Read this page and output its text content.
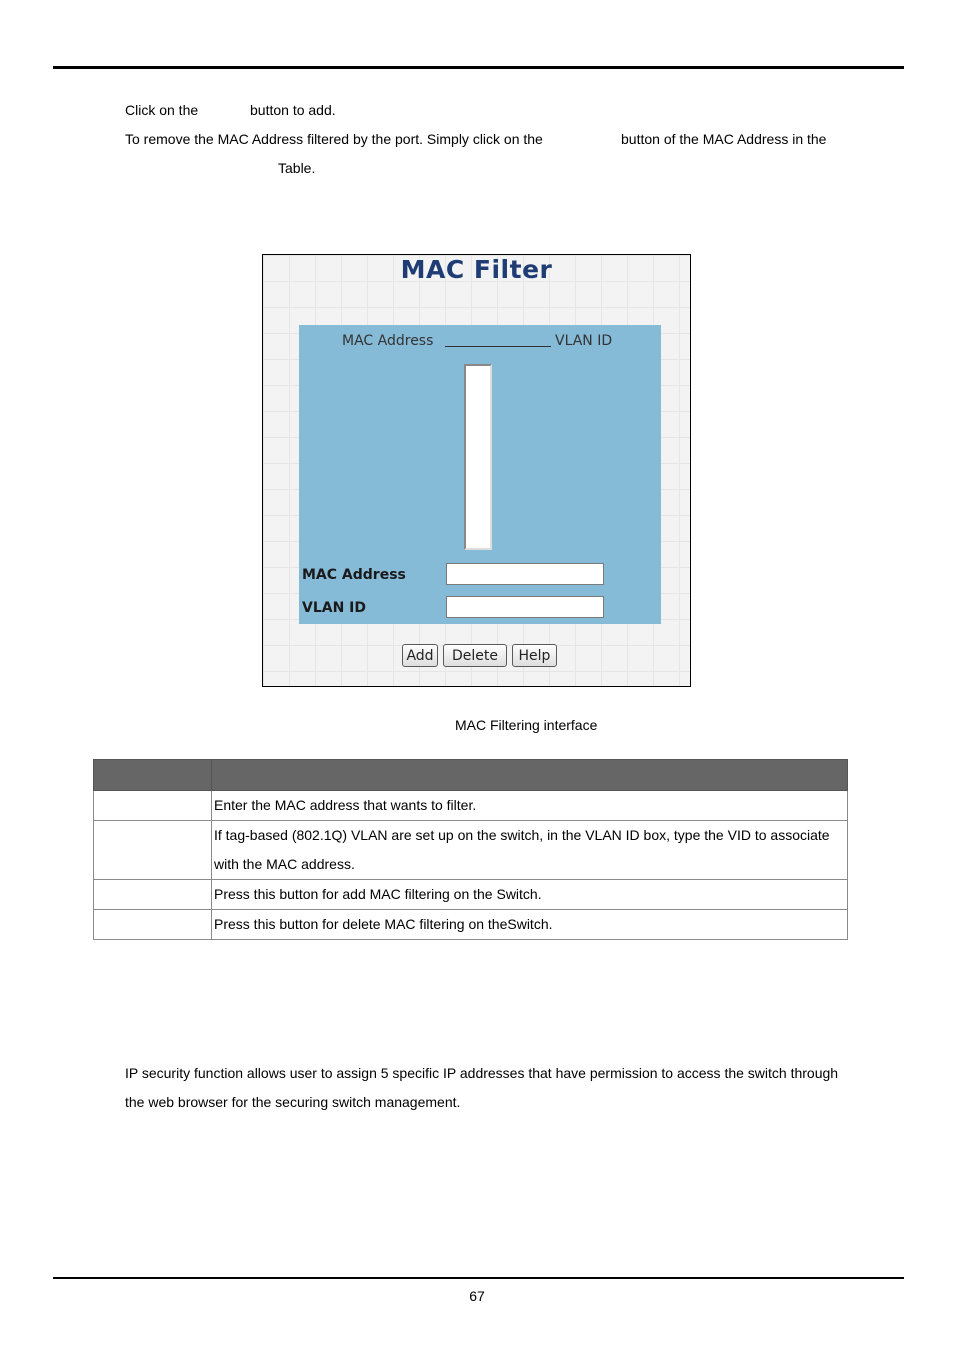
Click on the	button to add.
To remove the MAC Address filtered by the port. Simply click on the	button of the MAC Address in the
Table.
MAC Filter
MAC Address	VLAN ID
MAC Address
VLAN ID
Add	Delete	Help
MAC Filtering interface

	Enter the MAC address that wants to filter.

	If tag-based (802.1Q) VLAN are set up on the switch, in the VLAN ID box, type the VID to associate
with the MAC address.

	Press this button for add MAC filtering on the Switch.
	Press this button for delete MAC filtering on theSwitch.
IP security function allows user to assign 5 specific IP addresses that have permission to access the switch through
the web browser for the securing switch management.
67
